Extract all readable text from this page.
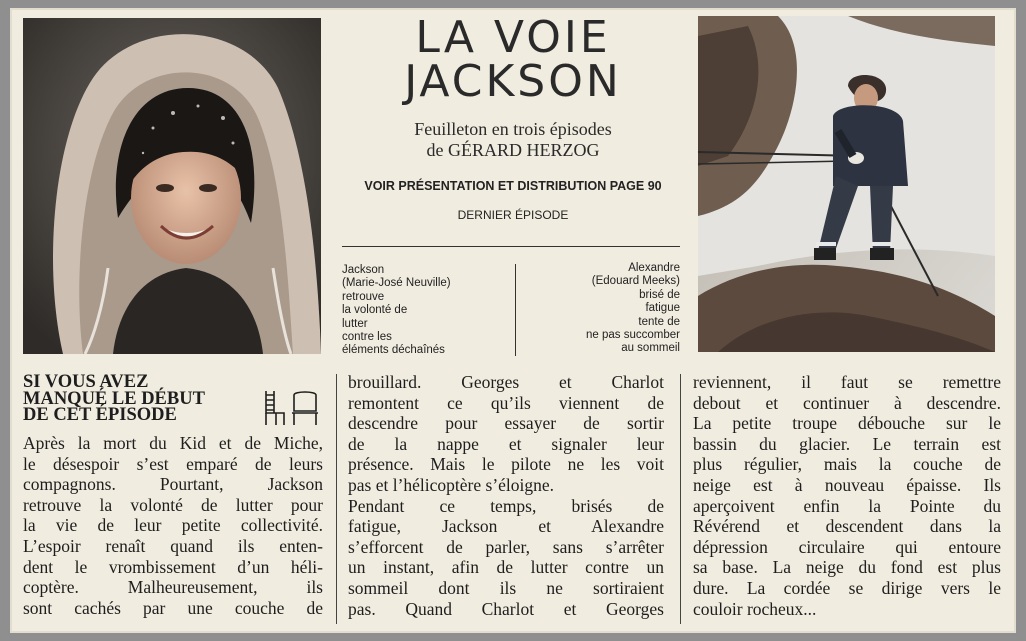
LA VOIE
JACKSON
Feuilleton en trois épisodes
de GÉRARD HERZOG
VOIR PRÉSENTATION ET DISTRIBUTION PAGE 90
DERNIER ÉPISODE
Jackson
(Marie-José Neuville)
retrouve
la volonté de
lutter
contre les
éléments déchaînés
Alexandre
(Edouard Meeks)
brisé de
fatigue
tente de
ne pas succomber
au sommeil
SI VOUS AVEZ
MANQUÉ LE DÉBUT
DE CET ÉPISODE
Après la mort du Kid et de Miche,
le désespoir s’est emparé de leurs
compagnons. Pourtant, Jackson
retrouve la volonté de lutter pour
la vie de leur petite collectivité.
L’espoir renaît quand ils enten-
dent le vrombissement d’un héli-
coptère. Malheureusement, ils
sont cachés par une couche de
brouillard. Georges et Charlot
remontent ce qu’ils viennent de
descendre pour essayer de sortir
de la nappe et signaler leur
présence. Mais le pilote ne les voit
pas et l’hélicoptère s’éloigne.
Pendant ce temps, brisés de
fatigue, Jackson et Alexandre
s’efforcent de parler, sans s’arrêter
un instant, afin de lutter contre un
sommeil dont ils ne sortiraient
pas. Quand Charlot et Georges
reviennent, il faut se remettre
debout et continuer à descendre.
La petite troupe débouche sur le
bassin du glacier. Le terrain est
plus régulier, mais la couche de
neige est à nouveau épaisse. Ils
aperçoivent enfin la Pointe du
Révérend et descendent dans la
dépression circulaire qui entoure
sa base. La neige du fond est plus
dure. La cordée se dirige vers le
couloir rocheux...
